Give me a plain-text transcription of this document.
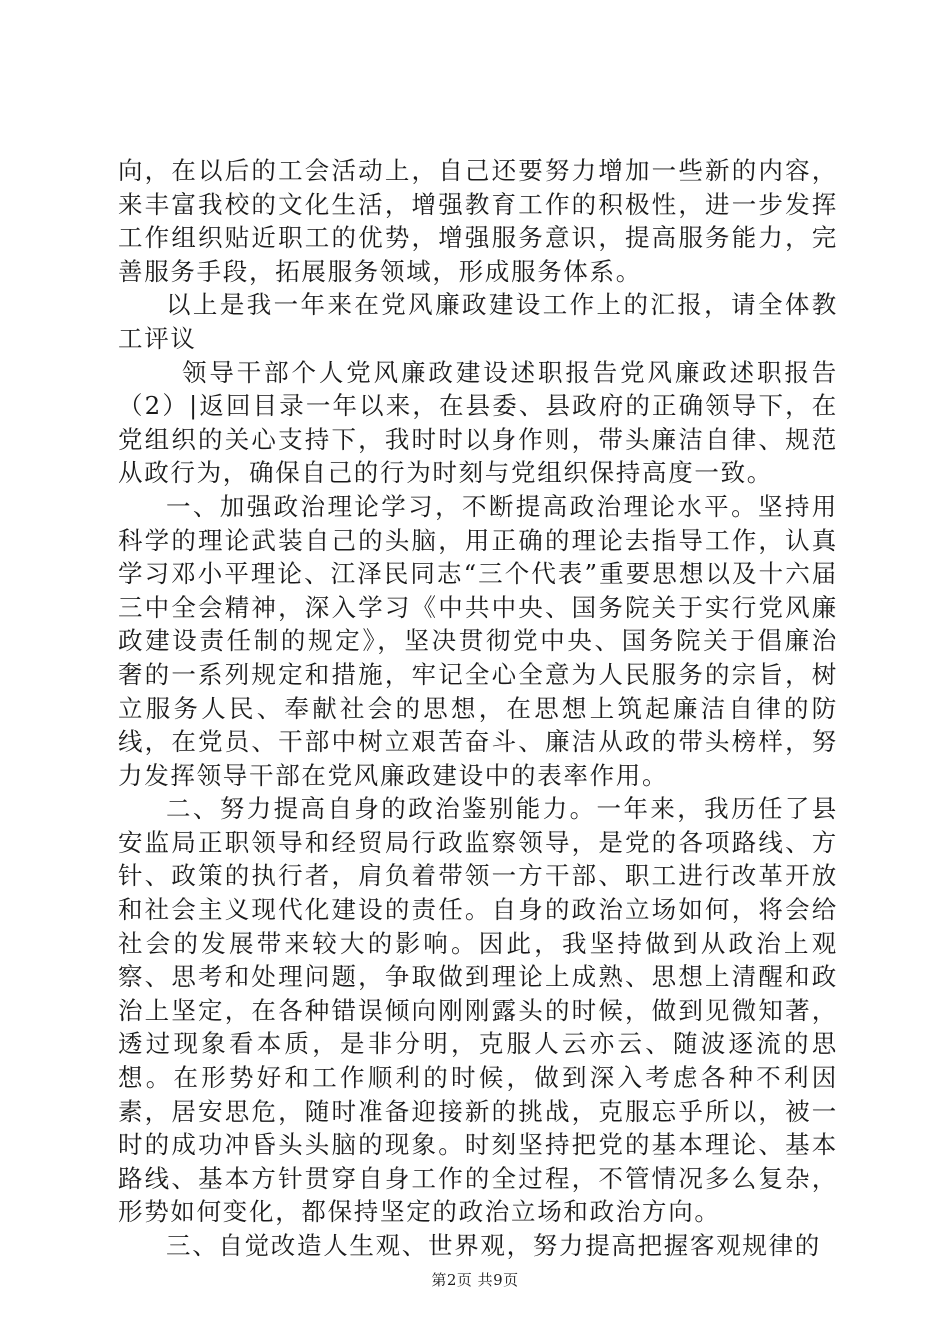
向，在以后的工会活动上，自己还要努力增加一些新的内容，来丰富我校的文化生活，增强教育工作的积极性，进一步发挥工作组织贴近职工的优势，增强服务意识，提高服务能力，完善服务手段，拓展服务领域，形成服务体系。

以上是我一年来在党风廉政建设工作上的汇报，请全体教工评议

领导干部个人党风廉政建设述职报告党风廉政述职报告（2）|返回目录一年以来，在县委、县政府的正确领导下，在党组织的关心支持下，我时时以身作则，带头廉洁自律、规范从政行为，确保自己的行为时刻与党组织保持高度一致。

一、加强政治理论学习，不断提高政治理论水平。坚持用科学的理论武装自己的头脑，用正确的理论去指导工作，认真学习邓小平理论、江泽民同志“三个代表”重要思想以及十六届三中全会精神，深入学习《中共中央、国务院关于实行党风廉政建设责任制的规定》，坚决贯彻党中央、国务院关于倡廉治奢的一系列规定和措施，牢记全心全意为人民服务的宗旨，树立服务人民、奉献社会的思想，在思想上筑起廉洁自律的防线，在党员、干部中树立艰苦奋斗、廉洁从政的带头榜样，努力发挥领导干部在党风廉政建设中的表率作用。

二、努力提高自身的政治鉴别能力。一年来，我历任了县安监局正职领导和经贸局行政监察领导，是党的各项路线、方针、政策的执行者，肩负着带领一方干部、职工进行改革开放和社会主义现代化建设的责任。自身的政治立场如何，将会给社会的发展带来较大的影响。因此，我坚持做到从政治上观察、思考和处理问题，争取做到理论上成熟、思想上清醒和政治上坚定，在各种错误倾向刚刚露头的时候，做到见微知著，透过现象看本质，是非分明，克服人云亦云、随波逐流的思想。在形势好和工作顺利的时候，做到深入考虑各种不利因素，居安思危，随时准备迎接新的挑战，克服忘乎所以，被一时的成功冲昏头头脑的现象。时刻坚持把党的基本理论、基本路线、基本方针贯穿自身工作的全过程，不管情况多么复杂，形势如何变化，都保持坚定的政治立场和政治方向。

三、自觉改造人生观、世界观，努力提高把握客观规律的

第2页 共9页
